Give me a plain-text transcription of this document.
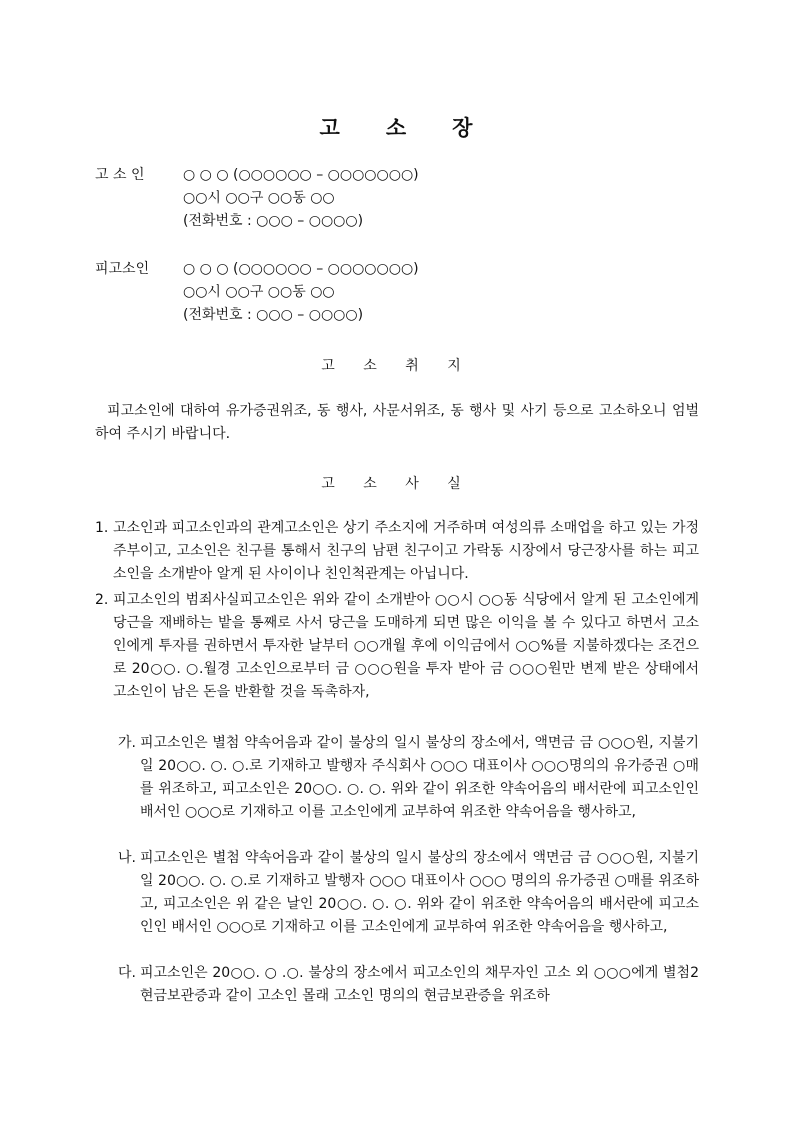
고 소 장
고 소 인	○ ○ ○ (○○○○○○ – ○○○○○○○)
○○시 ○○구 ○○동 ○○
(전화번호 : ○○○ – ○○○○)
피고소인	○ ○ ○ (○○○○○○ – ○○○○○○○)
○○시 ○○구 ○○동 ○○
(전화번호 : ○○○ – ○○○○)
고 소 취 지
피고소인에 대하여 유가증권위조, 동 행사, 사문서위조, 동 행사 및 사기 등으로 고소하오니 엄벌하여 주시기 바랍니다.
고 소 사 실
1. 고소인과 피고소인과의 관계고소인은 상기 주소지에 거주하며 여성의류 소매업을 하고 있는 가정주부이고, 고소인은 친구를 통해서 친구의 남편 친구이고 가락동 시장에서 당근장사를 하는 피고소인을 소개받아 알게 된 사이이나 친인척관계는 아닙니다.
2. 피고소인의 범죄사실피고소인은 위와 같이 소개받아 ○○시 ○○동 식당에서 알게 된 고소인에게 당근을 재배하는 밭을 통째로 사서 당근을 도매하게 되면 많은 이익을 볼 수 있다고 하면서 고소인에게 투자를 권하면서 투자한 날부터 ○○개월 후에 이익금에서 ○○%를 지불하겠다는 조건으로 20○○. ○.월경 고소인으로부터 금 ○○○원을 투자 받아 금 ○○○원만 변제 받은 상태에서 고소인이 남은 돈을 반환할 것을 독촉하자,
가. 피고소인은 별첨 약속어음과 같이 불상의 일시 불상의 장소에서, 액면금 금 ○○○원, 지불기일 20○○. ○. ○.로 기재하고 발행자 주식회사 ○○○ 대표이사 ○○○명의의 유가증권 ○매를 위조하고, 피고소인은 20○○. ○. ○. 위와 같이 위조한 약속어음의 배서란에 피고소인인 배서인 ○○○로 기재하고 이를 고소인에게 교부하여 위조한 약속어음을 행사하고,
나. 피고소인은 별첨 약속어음과 같이 불상의 일시 불상의 장소에서 액면금 금 ○○○원, 지불기일 20○○. ○. ○.로 기재하고 발행자 ○○○ 대표이사 ○○○ 명의의 유가증권 ○매를 위조하고, 피고소인은 위 같은 날인 20○○. ○. ○. 위와 같이 위조한 약속어음의 배서란에 피고소인인 배서인 ○○○로 기재하고 이를 고소인에게 교부하여 위조한 약속어음을 행사하고,
다. 피고소인은 20○○. ○ .○. 불상의 장소에서 피고소인의 채무자인 고소 외 ○○○에게 별첨2 현금보관증과 같이 고소인 몰래 고소인 명의의 현금보관증을 위조하
